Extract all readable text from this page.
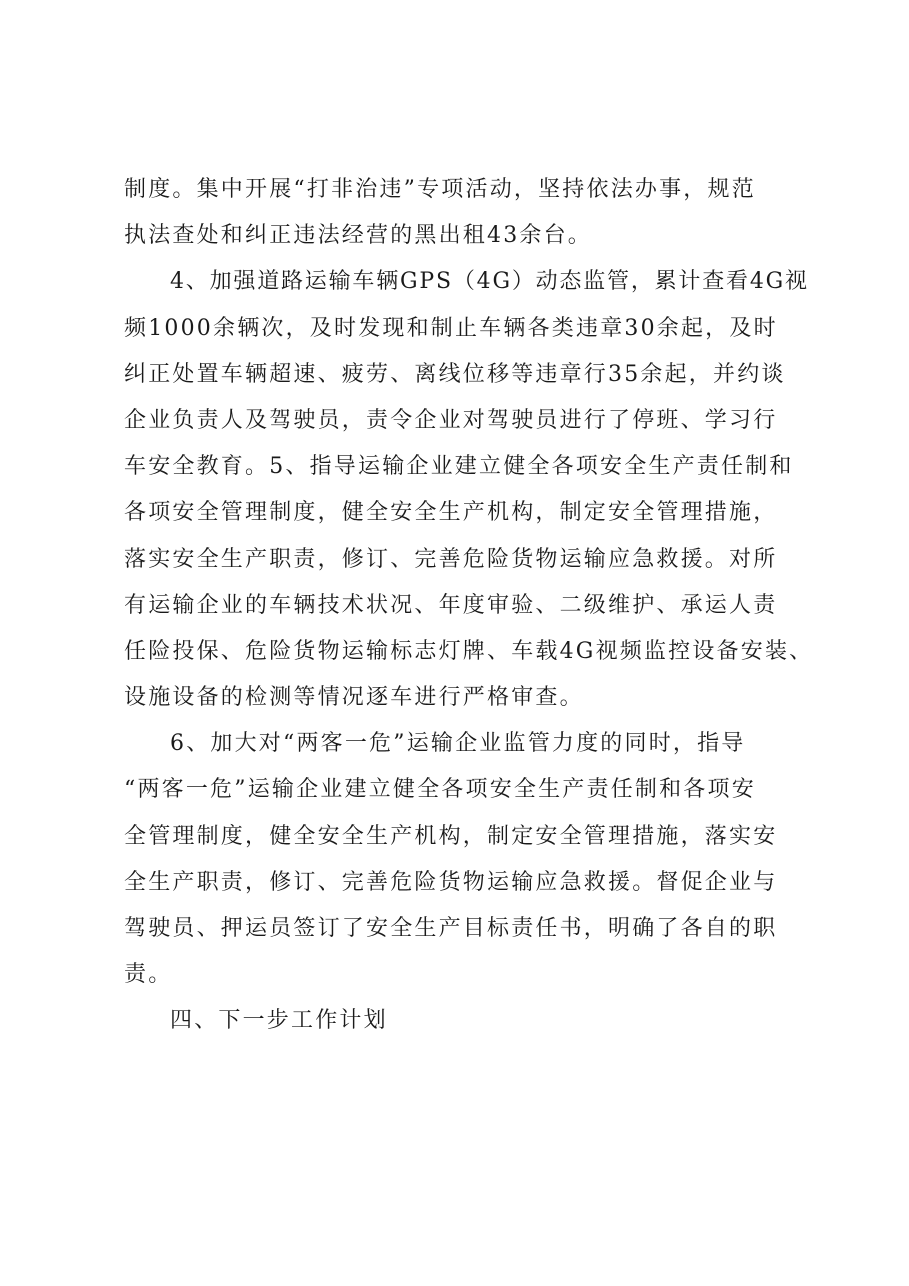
制度。集中开展“打非治违”专项活动，坚持依法办事，规范
执法查处和纠正违法经营的黑出租43余台。
4、加强道路运输车辆GPS（4G）动态监管，累计查看4G视
频1000余辆次，及时发现和制止车辆各类违章30余起，及时
纠正处置车辆超速、疲劳、离线位移等违章行35余起，并约谈
企业负责人及驾驶员，责令企业对驾驶员进行了停班、学习行
车安全教育。5、指导运输企业建立健全各项安全生产责任制和
各项安全管理制度，健全安全生产机构，制定安全管理措施，
落实安全生产职责，修订、完善危险货物运输应急救援。对所
有运输企业的车辆技术状况、年度审验、二级维护、承运人责
任险投保、危险货物运输标志灯牌、车载4G视频监控设备安装、
设施设备的检测等情况逐车进行严格审查。
6、加大对“两客一危”运输企业监管力度的同时，指导
“两客一危”运输企业建立健全各项安全生产责任制和各项安
全管理制度，健全安全生产机构，制定安全管理措施，落实安
全生产职责，修订、完善危险货物运输应急救援。督促企业与
驾驶员、押运员签订了安全生产目标责任书，明确了各自的职
责。
四、下一步工作计划
